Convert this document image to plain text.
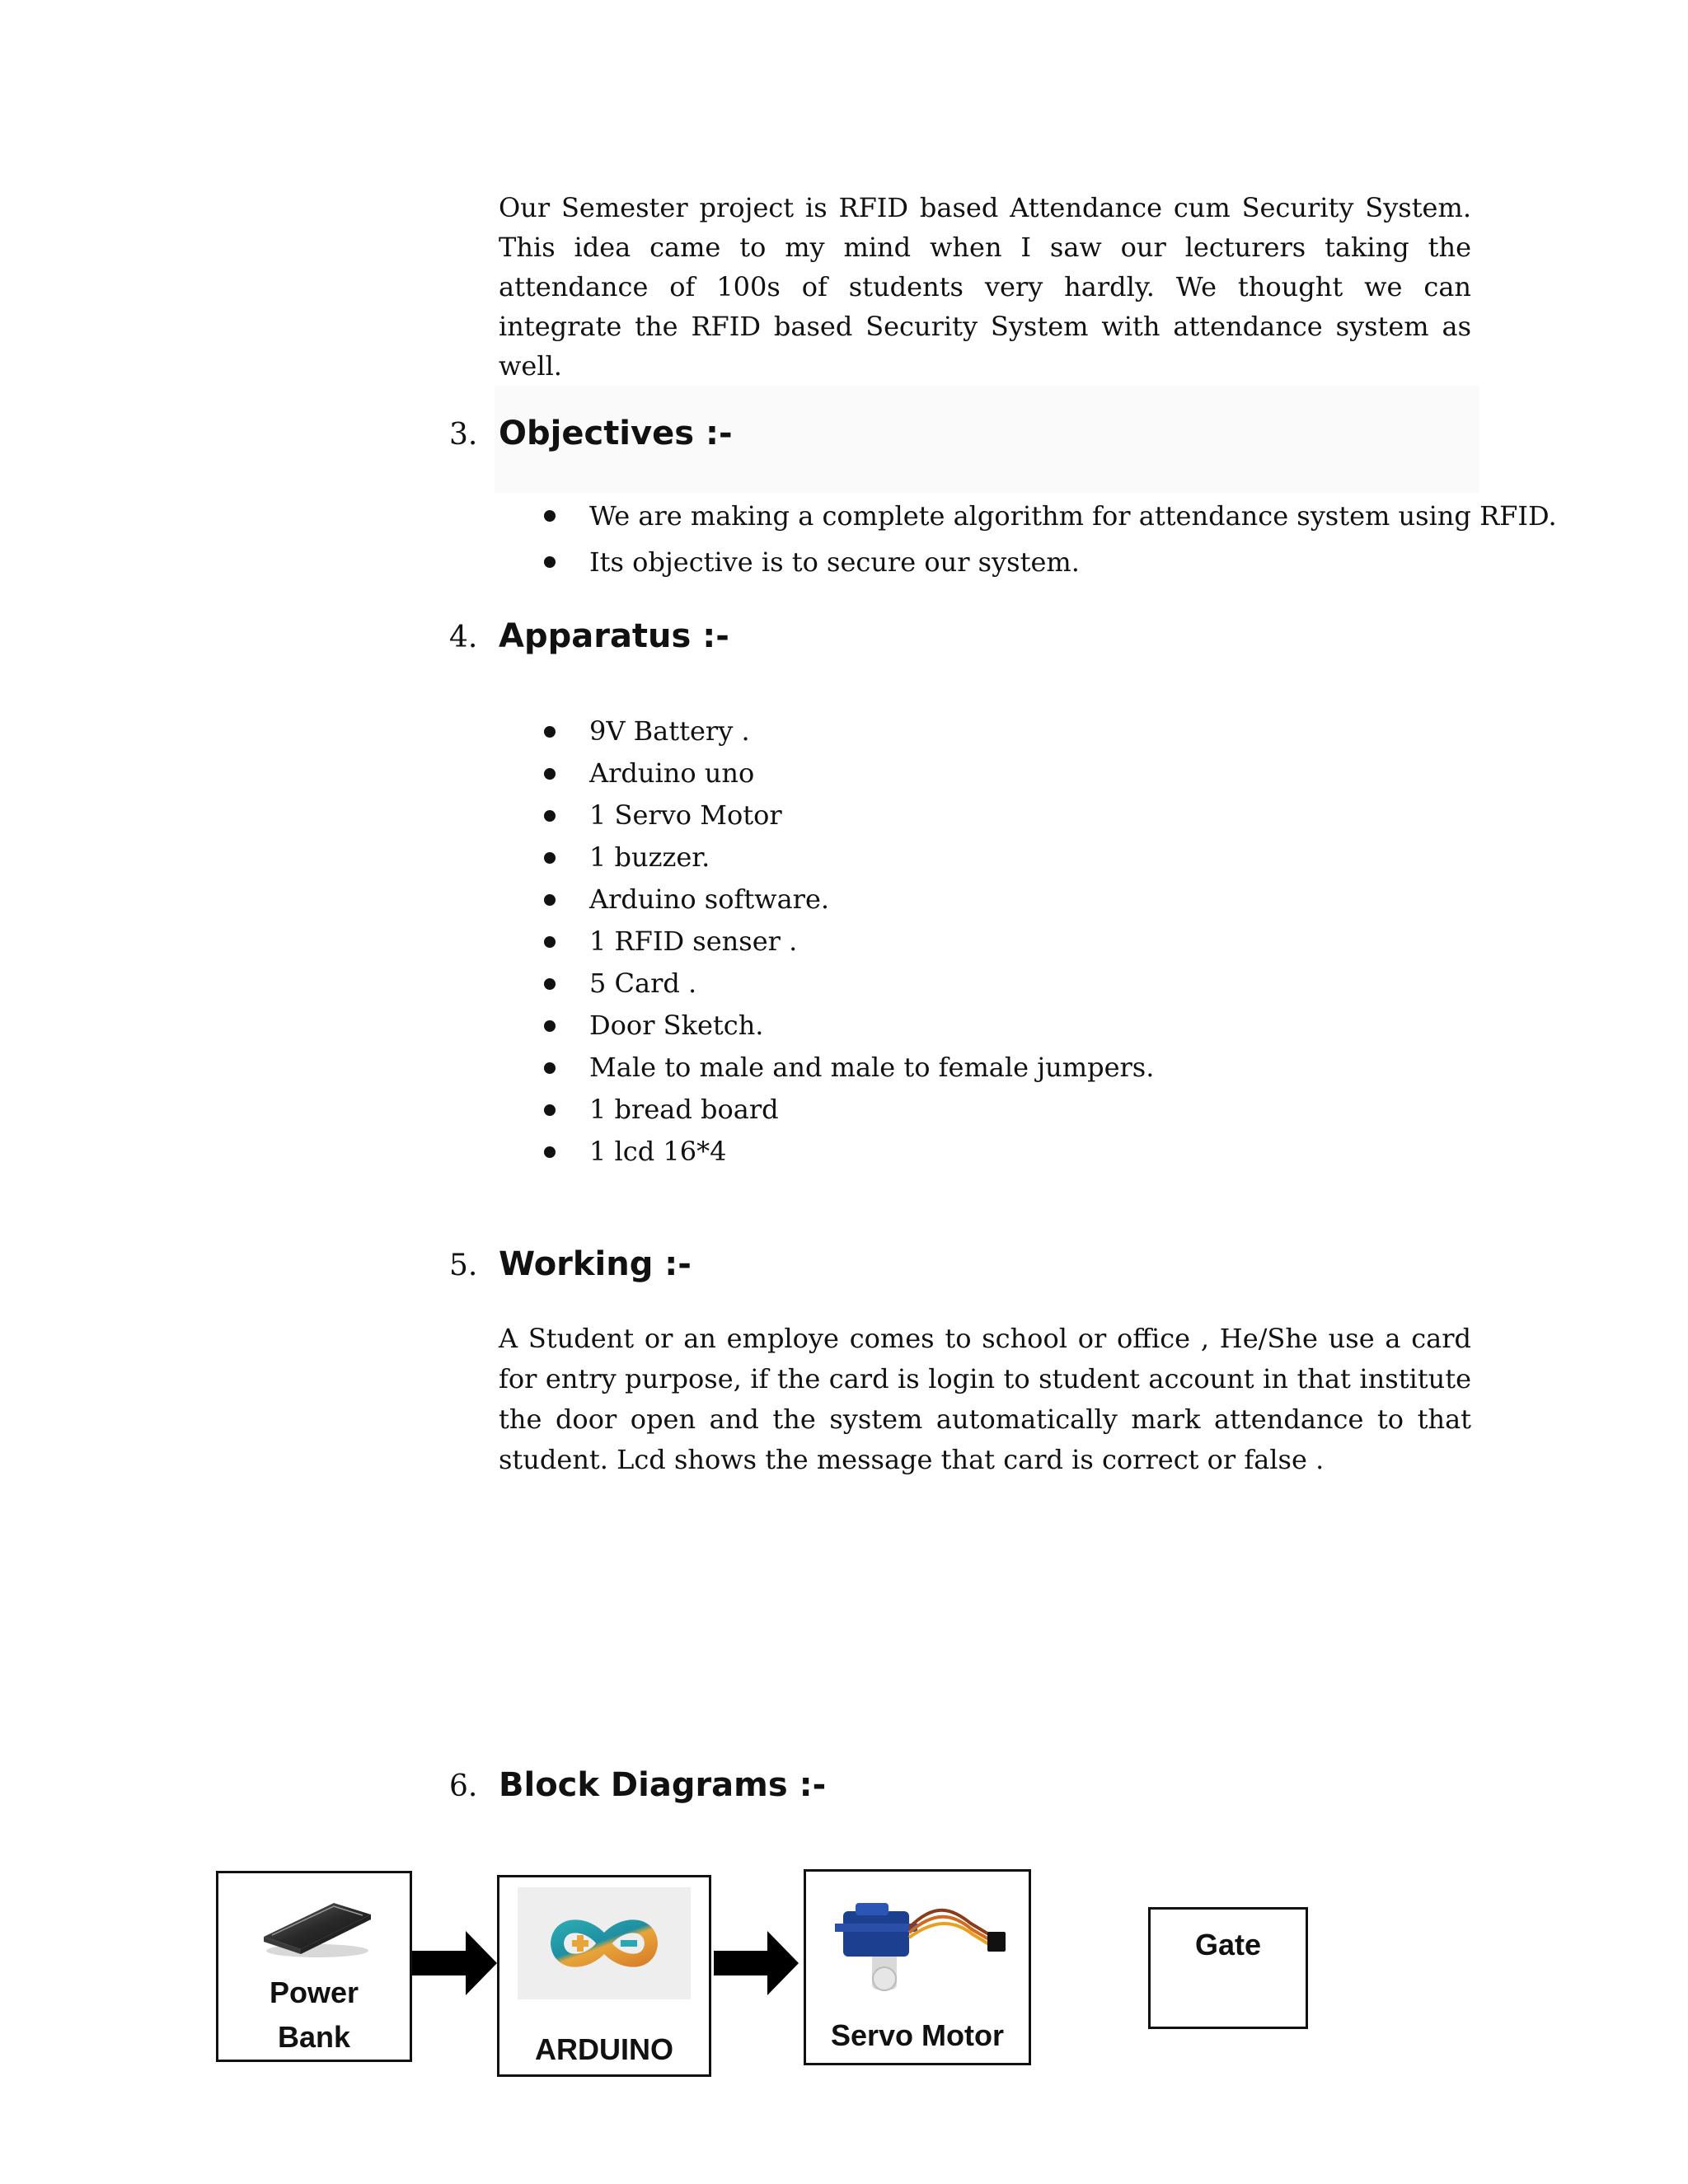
Our Semester project is RFID based Attendance cum Security System. This idea came to my mind when I saw our lecturers taking the attendance of 100s of students very hardly. We thought we can integrate the RFID based Security System with attendance system as well.

3. Objectives :-
We are making a complete algorithm for attendance system using RFID.
Its objective is to secure our system.
4. Apparatus :-
9V Battery .
Arduino uno
1 Servo Motor
1 buzzer.
Arduino software.
1 RFID senser .
5 Card .
Door Sketch.
Male to male and male to female jumpers.
1 bread board
1 lcd 16*4
5. Working :-

A Student or an employe comes to school or office , He/She use a card for entry purpose, if the card is login to student account in that institute the door open and the system automatically mark attendance to that student. Lcd shows the message that card is correct or false .

6. Block Diagrams :-
Power
Bank	ARDUINO	Servo Motor
Gate
